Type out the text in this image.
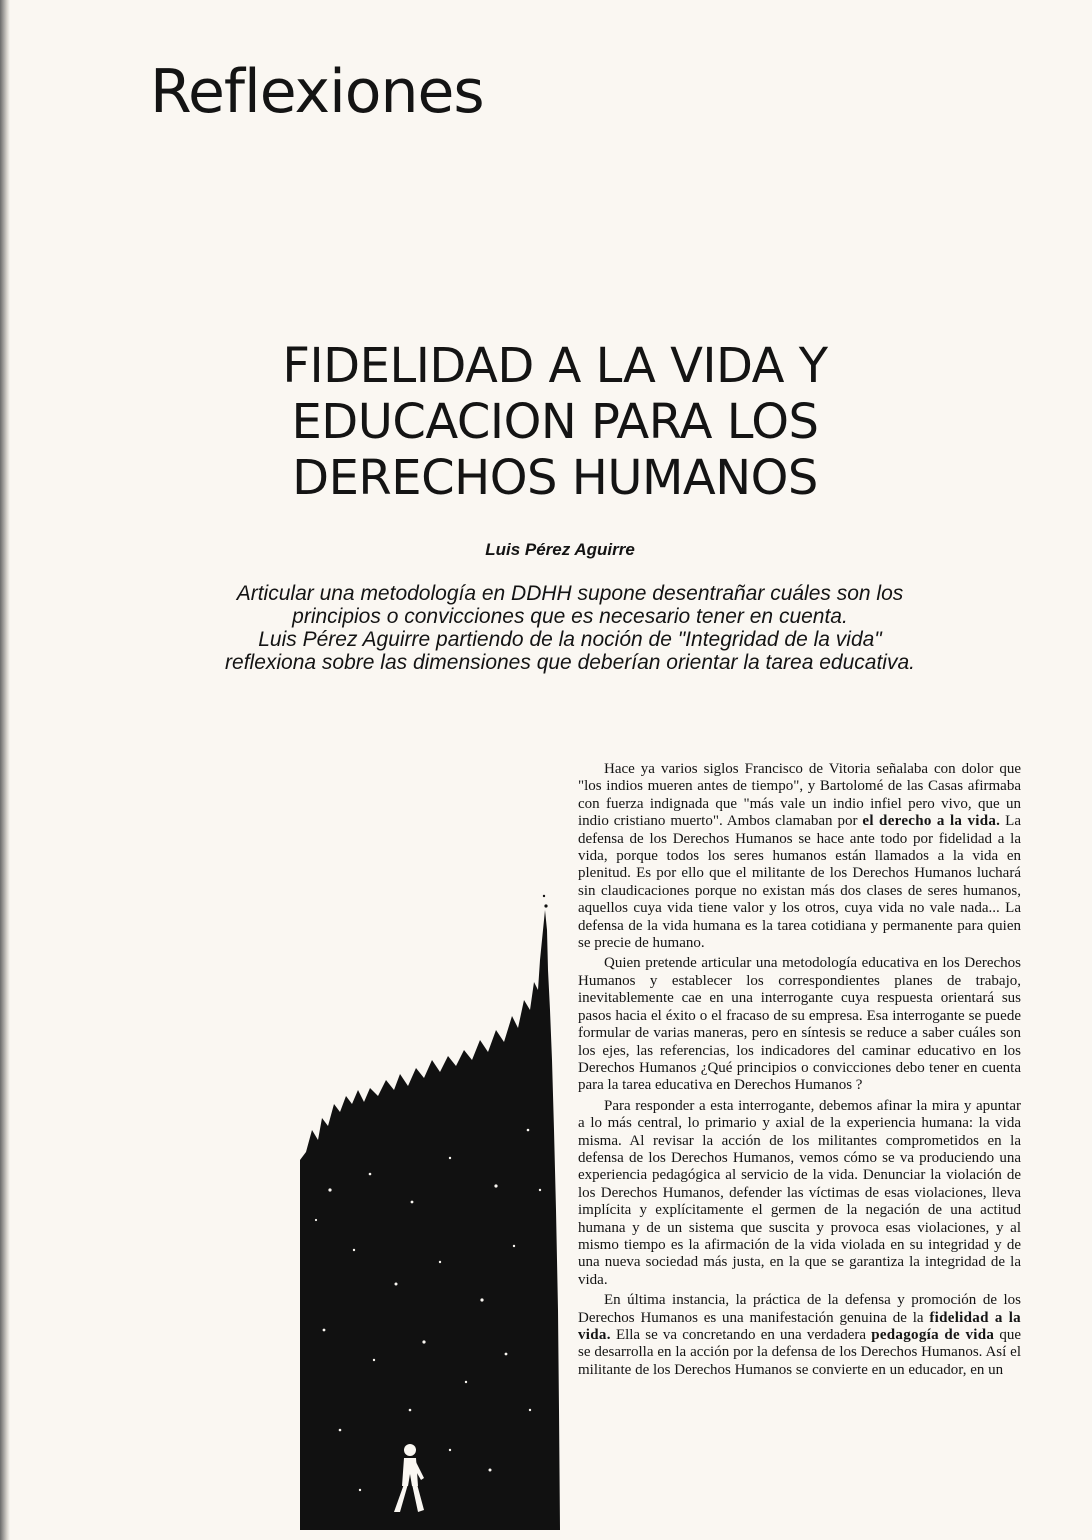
Reflexiones
FIDELIDAD A LA VIDA Y
EDUCACION PARA LOS
DERECHOS HUMANOS
Luis Pérez Aguirre
Articular una metodología en DDHH supone desentrañar cuáles son los
principios o convicciones que es necesario tener en cuenta.
Luis Pérez Aguirre partiendo de la noción de "Integridad de la vida"
reflexiona sobre las dimensiones que deberían orientar la tarea educativa.

Hace ya varios siglos Francisco de Vitoria señalaba con dolor que "los indios mueren antes de tiempo", y Bartolomé de las Casas afirmaba con fuerza indignada que "más vale un indio infiel pero vivo, que un indio cristiano muerto". Ambos clamaban por el derecho a la vida. La defensa de los Derechos Humanos se hace ante todo por fidelidad a la vida, porque todos los seres humanos están llamados a la vida en plenitud. Es por ello que el militante de los Derechos Humanos luchará sin claudicaciones porque no existan más dos clases de seres humanos, aquellos cuya vida tiene valor y los otros, cuya vida no vale nada... La defensa de la vida humana es la tarea cotidiana y permanente para quien se precie de humano.

Quien pretende articular una metodología educativa en los Derechos Humanos y establecer los correspondientes planes de trabajo, inevitablemente cae en una interrogante cuya respuesta orientará sus pasos hacia el éxito o el fracaso de su empresa. Esa interrogante se puede formular de varias maneras, pero en síntesis se reduce a saber cuáles son los ejes, las referencias, los indicadores del caminar educativo en los Derechos Humanos ¿Qué principios o convicciones debo tener en cuenta para la tarea educativa en Derechos Humanos ?

Para responder a esta interrogante, debemos afinar la mira y apuntar a lo más central, lo primario y axial de la experiencia humana: la vida misma. Al revisar la acción de los militantes comprometidos en la defensa de los Derechos Humanos, vemos cómo se va produciendo una experiencia pedagógica al servicio de la vida. Denunciar la violación de los Derechos Humanos, defender las víctimas de esas violaciones, lleva implícita y explícitamente el germen de la negación de una actitud humana y de un sistema que suscita y provoca esas violaciones, y al mismo tiempo es la afirmación de la vida violada en su integridad y de una nueva sociedad más justa, en la que se garantiza la integridad de la vida.

En última instancia, la práctica de la defensa y promoción de los Derechos Humanos es una manifestación genuina de la fidelidad a la vida. Ella se va concretando en una verdadera pedagogía de vida que se desarrolla en la acción por la defensa de los Derechos Humanos. Así el militante de los Derechos Humanos se convierte en un educador, en un
